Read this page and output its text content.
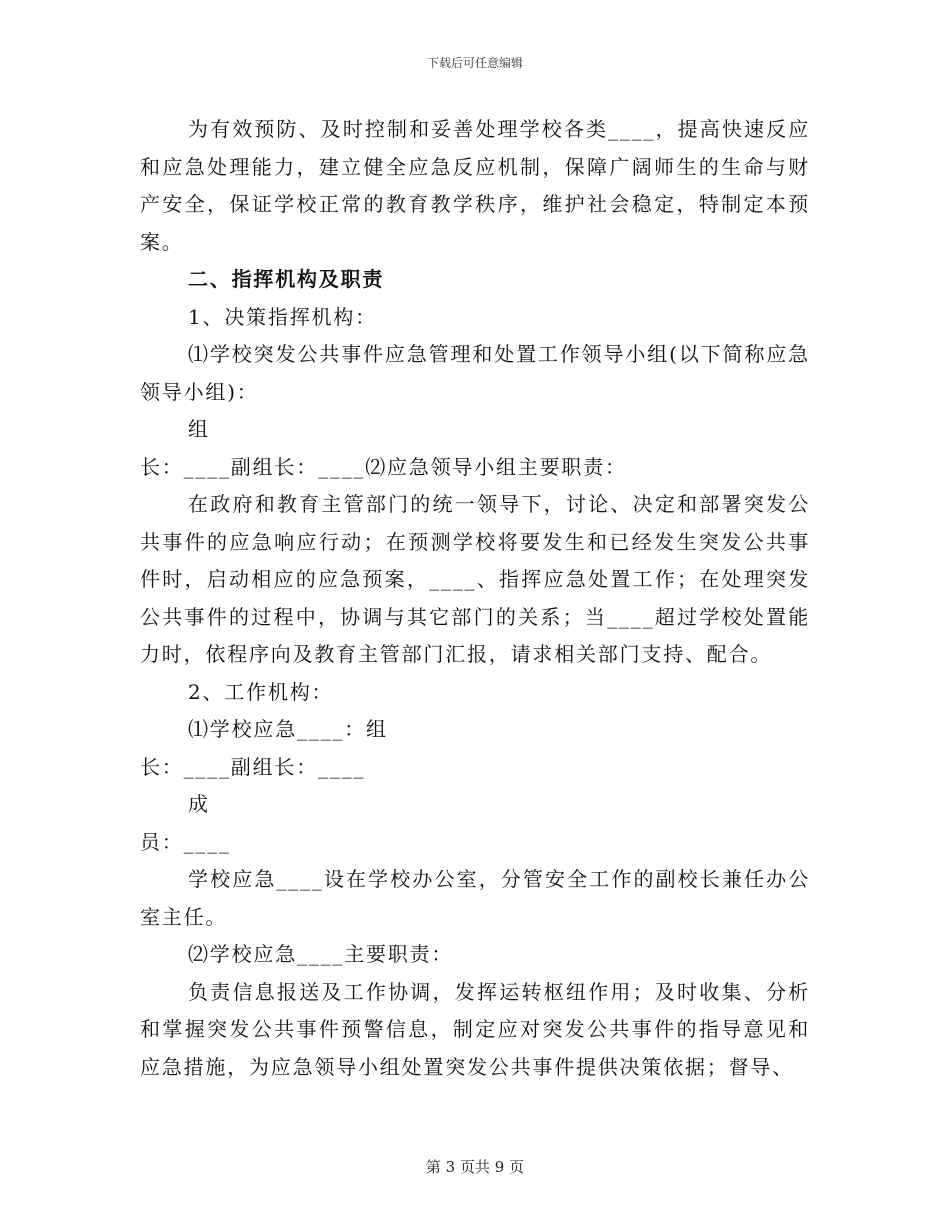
下载后可任意编辑

为有效预防、及时控制和妥善处理学校各类____，提高快速反应和应急处理能力，建立健全应急反应机制，保障广阔师生的生命与财产安全，保证学校正常的教育教学秩序，维护社会稳定，特制定本预案。

二、指挥机构及职责

1、决策指挥机构：

⑴学校突发公共事件应急管理和处置工作领导小组(以下简称应急领导小组)：

组

长：____副组长：____⑵应急领导小组主要职责：

在政府和教育主管部门的统一领导下，讨论、决定和部署突发公共事件的应急响应行动；在预测学校将要发生和已经发生突发公共事件时，启动相应的应急预案，____、指挥应急处置工作；在处理突发公共事件的过程中，协调与其它部门的关系；当____超过学校处置能力时，依程序向及教育主管部门汇报，请求相关部门支持、配合。

2、工作机构：

⑴学校应急____：组

长：____副组长：____

成

员：____

学校应急____设在学校办公室，分管安全工作的副校长兼任办公室主任。

⑵学校应急____主要职责：

负责信息报送及工作协调，发挥运转枢纽作用；及时收集、分析和掌握突发公共事件预警信息，制定应对突发公共事件的指导意见和应急措施，为应急领导小组处置突发公共事件提供决策依据；督导、

第 3 页共 9 页
